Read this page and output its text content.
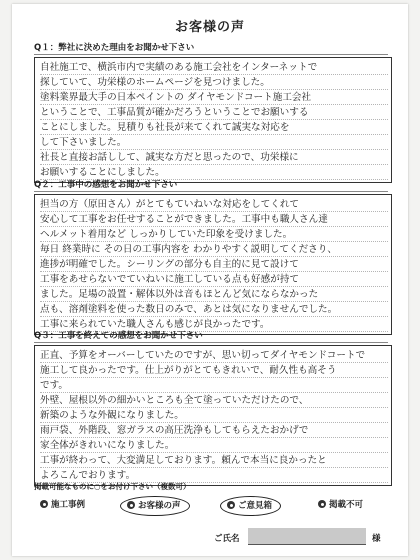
お客様の声
Q１：弊社に決めた理由をお聞かせ下さい
自社施工で、横浜市内で実績のある施工会社をインターネットで
探していて、功栄様のホームページを見つけました。
塗料業界最大手の日本ペイントの ダイヤモンドコート施工会社
ということで、工事品質が確かだろうということでお願いする
ことにしました。見積りも社長が来てくれて誠実な対応を
して下さいました。
社長と直接お話しして、誠実な方だと思ったので、功栄様に
お願いすることにしました。
Q２：工事中の感想をお聞かせ下さい
担当の方（原田さん）がとてもていねいな対応をしてくれて
安心して工事をお任せすることができました。工事中も職人さん達
ヘルメット着用など しっかりしていた印象を受けました。
毎日 終業時に その日の工事内容を わかりやすく説明してくださり、
進捗が明確でした。シーリングの部分も自主的に見て設けて
工事をあせらないでていねいに施工している点も好感が持て
ました。足場の設置・解体以外は音もほとんど気にならなかった
点も、溶剤塗料を使った数日のみで、あとは気になりませんでした。
工事に来られていた職人さんも感じが良かったです。
Q３：工事を終えての感想をお聞かせ下さい
正直、予算をオーバーしていたのですが、思い切ってダイヤモンドコートで
施工して良かったです。仕上がりがとてもきれいで、耐久性も高そう
です。
外壁、屋根以外の細かいところも全て塗っていただけたので、
新築のような外観になりました。
雨戸袋、外階段、窓ガラスの高圧洗浄もしてもらえたおかげで
家全体がきれいになりました。
工事が終わって、大変満足しております。頼んで本当に良かったと
よろこんでおります。
掲載可能なものに○をお付け下さい（複数可）
施工事例	お客様の声	ご意見箱	掲載不可
ご氏名	様
